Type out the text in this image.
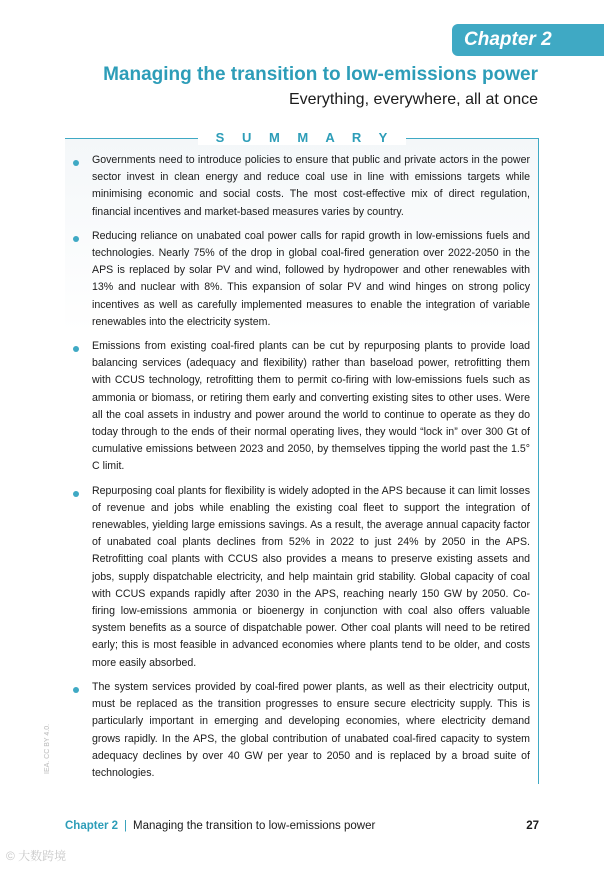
Chapter 2
Managing the transition to low-emissions power
Everything, everywhere, all at once
S U M M A R Y
Governments need to introduce policies to ensure that public and private actors in the power sector invest in clean energy and reduce coal use in line with emissions targets while minimising economic and social costs. The most cost-effective mix of direct regulation, financial incentives and market-based measures varies by country.
Reducing reliance on unabated coal power calls for rapid growth in low-emissions fuels and technologies. Nearly 75% of the drop in global coal-fired generation over 2022-2050 in the APS is replaced by solar PV and wind, followed by hydropower and other renewables with 13% and nuclear with 8%. This expansion of solar PV and wind hinges on strong policy incentives as well as carefully implemented measures to enable the integration of variable renewables into the electricity system.
Emissions from existing coal-fired plants can be cut by repurposing plants to provide load balancing services (adequacy and flexibility) rather than baseload power, retrofitting them with CCUS technology, retrofitting them to permit co-firing with low-emissions fuels such as ammonia or biomass, or retiring them early and converting existing sites to other uses. Were all the coal assets in industry and power around the world to continue to operate as they do today through to the ends of their normal operating lives, they would “lock in” over 300 Gt of cumulative emissions between 2023 and 2050, by themselves tipping the world past the 1.5° C limit.
Repurposing coal plants for flexibility is widely adopted in the APS because it can limit losses of revenue and jobs while enabling the existing coal fleet to support the integration of renewables, yielding large emissions savings. As a result, the average annual capacity factor of unabated coal plants declines from 52% in 2022 to just 24% by 2050 in the APS. Retrofitting coal plants with CCUS also provides a means to preserve existing assets and jobs, supply dispatchable electricity, and help maintain grid stability. Global capacity of coal with CCUS expands rapidly after 2030 in the APS, reaching nearly 150 GW by 2050. Co-firing low-emissions ammonia or bioenergy in conjunction with coal also offers valuable system benefits as a source of dispatchable power. Other coal plants will need to be retired early; this is most feasible in advanced economies where plants tend to be older, and costs more easily absorbed.
The system services provided by coal-fired power plants, as well as their electricity output, must be replaced as the transition progresses to ensure secure electricity supply. This is particularly important in emerging and developing economies, where electricity demand grows rapidly. In the APS, the global contribution of unabated coal-fired capacity to system adequacy declines by over 40 GW per year to 2050 and is replaced by a broad suite of technologies.
IEA. CC BY 4.0.
Chapter 2 | Managing the transition to low-emissions power	27
© 大数跨境
